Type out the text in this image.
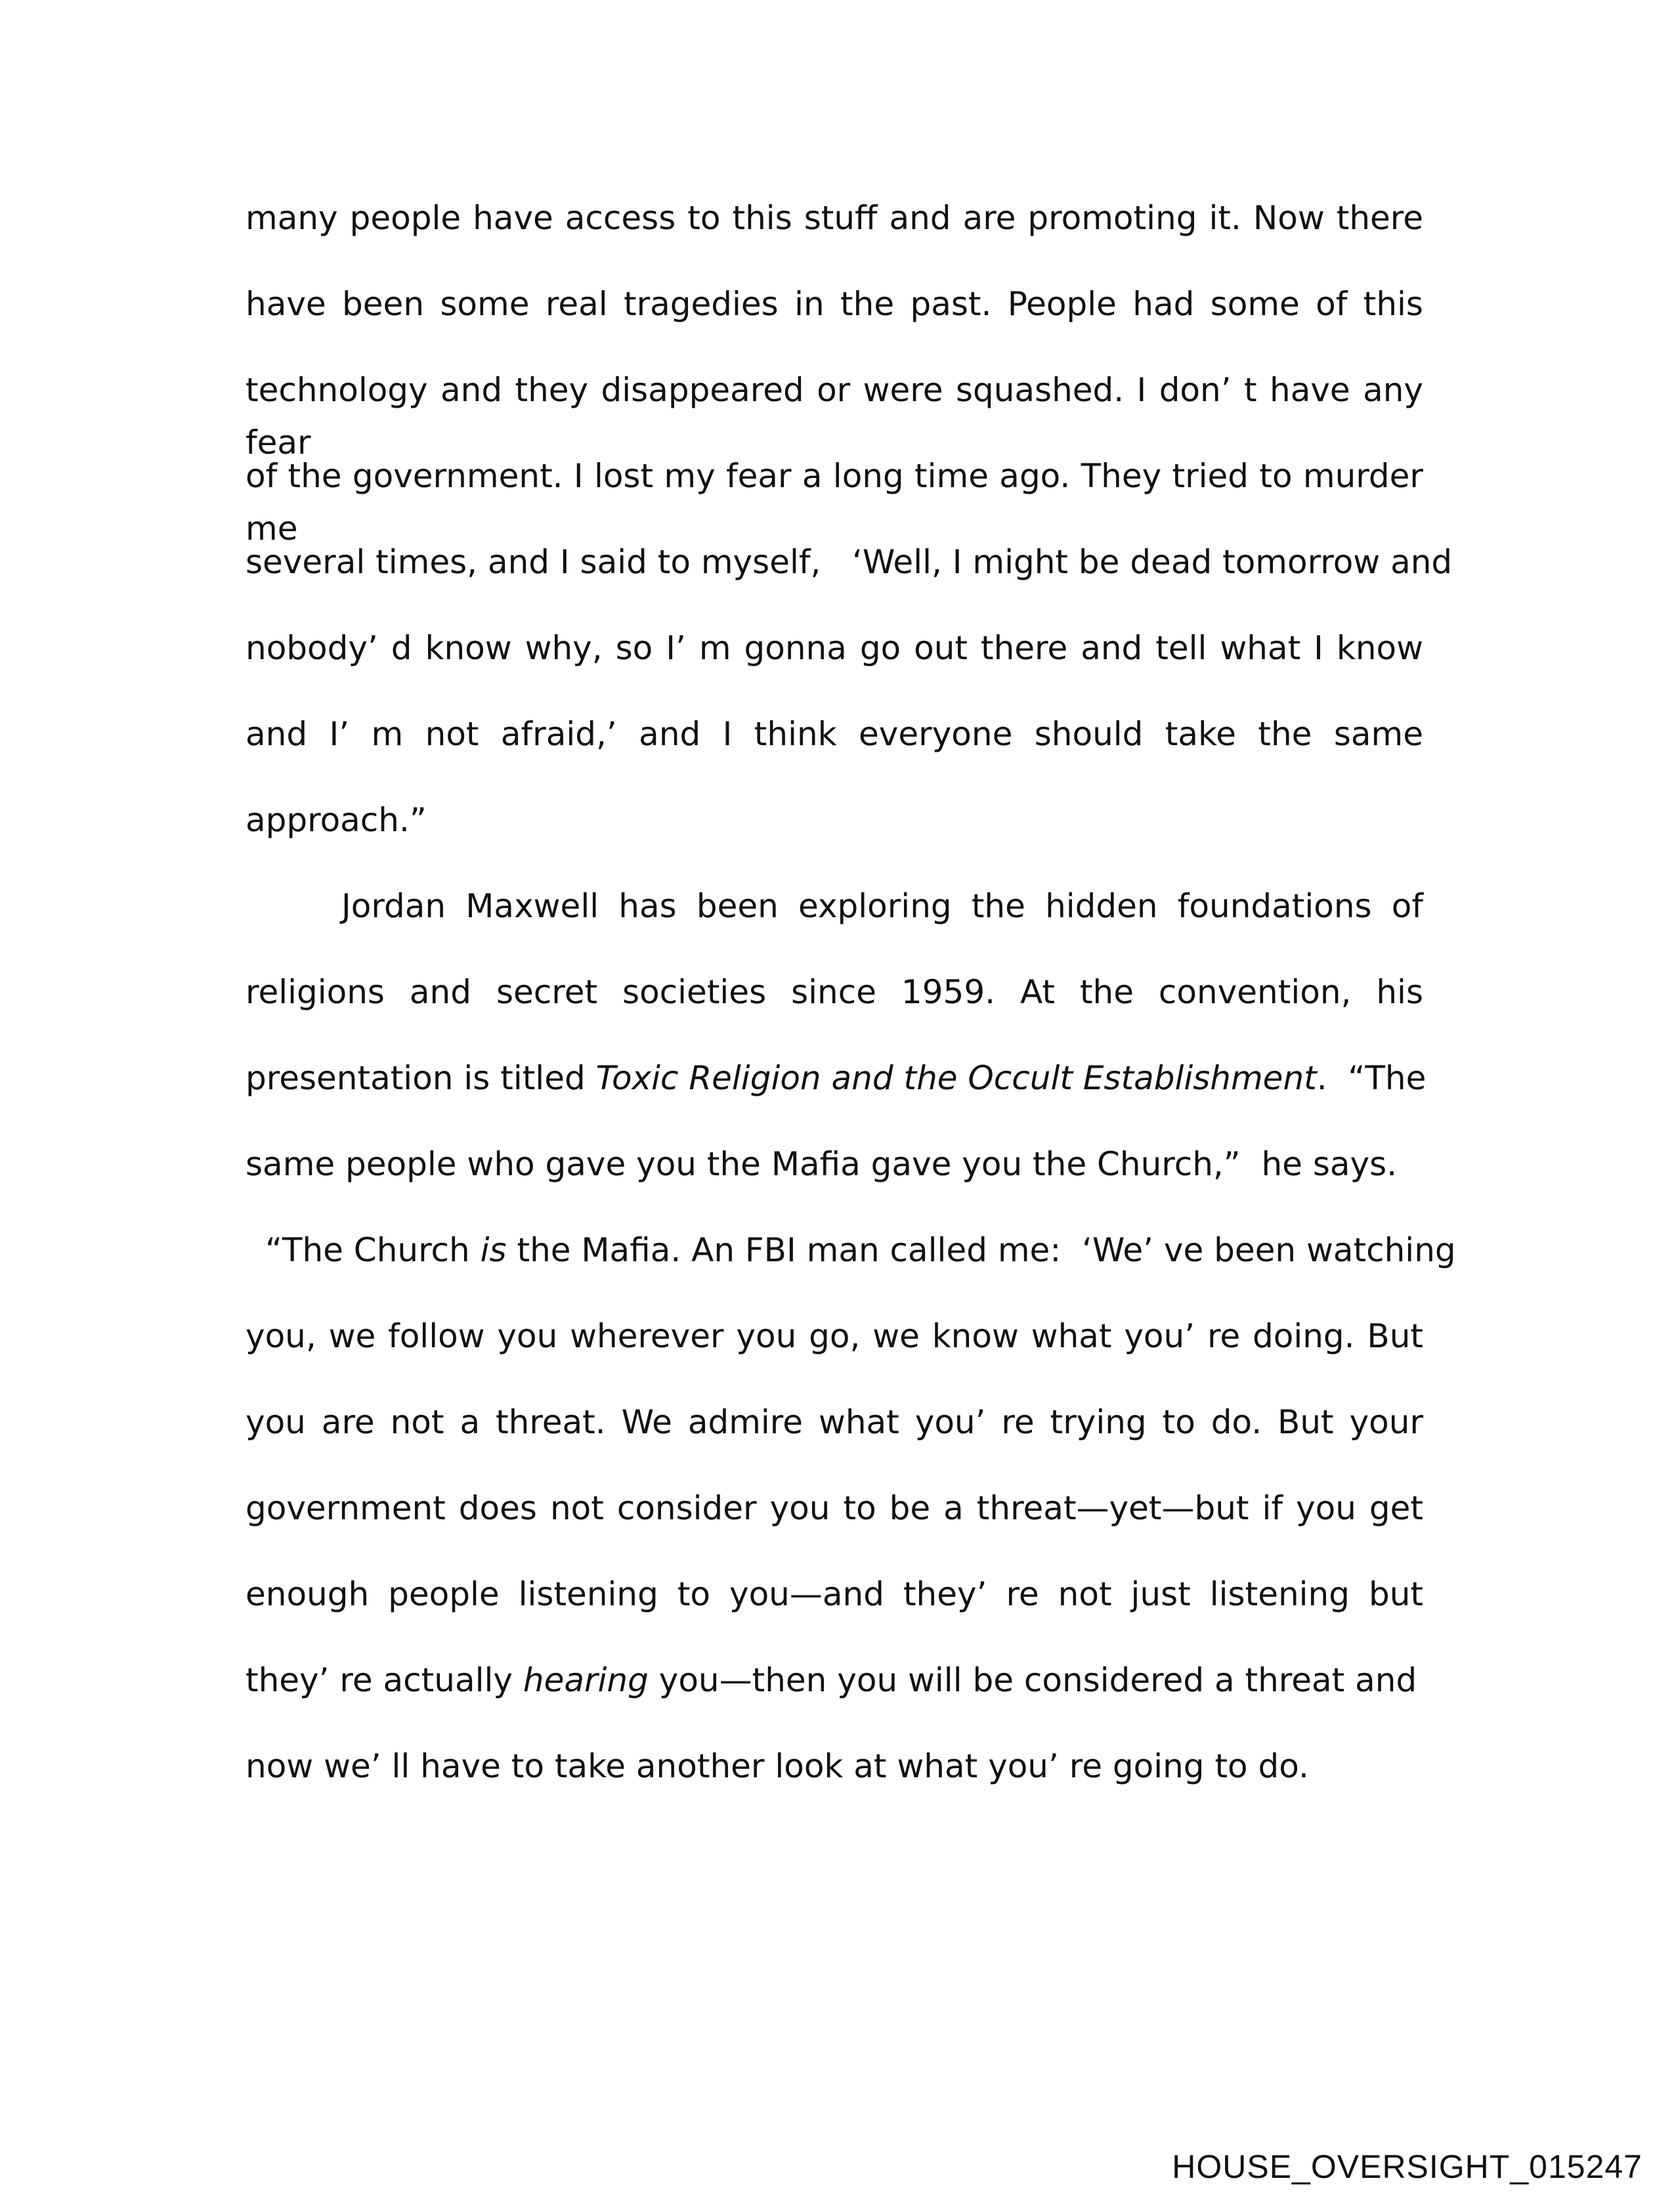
many people have access to this stuff and are promoting it. Now there
have been some real tragedies in the past. People had some of this
technology and they disappeared or were squashed. I don’ t have any fear
of the government. I lost my fear a long time ago. They tried to murder me
several times, and I said to myself,   ‘Well, I might be dead tomorrow and
nobody’ d know why, so I’ m gonna go out there and tell what I know
and I’ m not afraid,’ and I think everyone should take the same
approach.”
Jordan Maxwell has been exploring the hidden foundations of
religions and secret societies since 1959. At the convention, his
presentation is titled Toxic Religion and the Occult Establishment.  “The
same people who gave you the Mafia gave you the Church,”  he says.
“The Church is the Mafia. An FBI man called me:  ‘We’ ve been watching
you, we follow you wherever you go, we know what you’ re doing. But
you are not a threat. We admire what you’ re trying to do. But your
government does not consider you to be a threat—yet—but if you get
enough people listening to you—and they’ re not just listening but
they’ re actually hearing you—then you will be considered a threat and
now we’ ll have to take another look at what you’ re going to do.
HOUSE_OVERSIGHT_015247
